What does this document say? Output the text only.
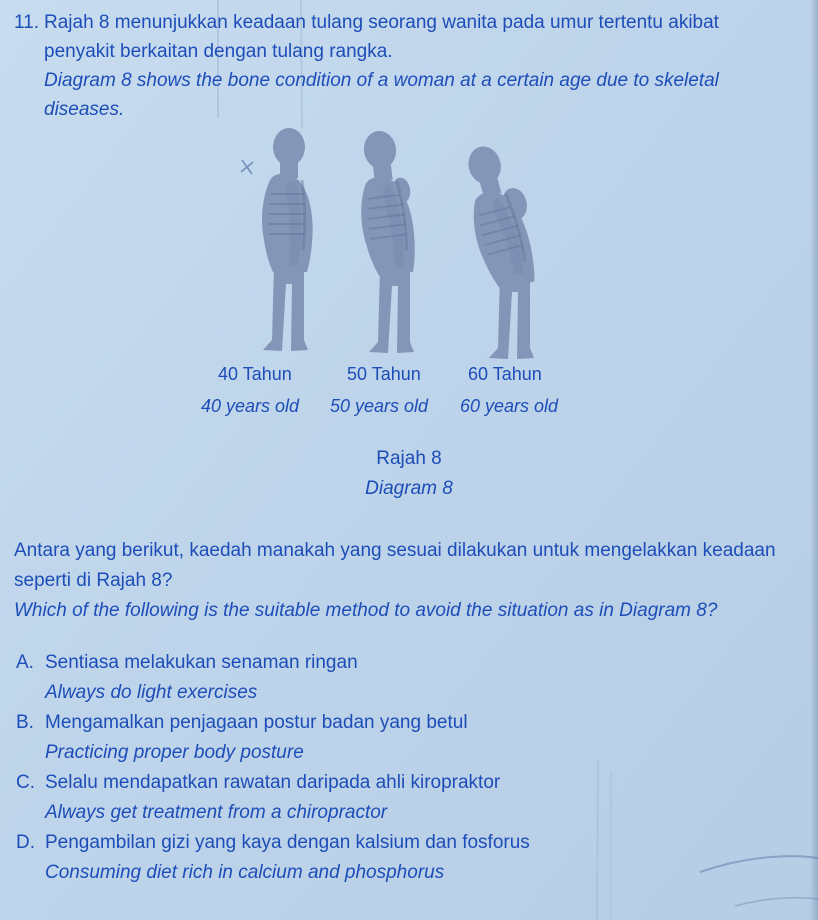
11. Rajah 8 menunjukkan keadaan tulang seorang wanita pada umur tertentu akibat penyakit berkaitan dengan tulang rangka.

Diagram 8 shows the bone condition of a woman at a certain age due to skeletal diseases.

40 Tahun	50 Tahun	60 Tahun
40 years old 50 years old 60 years old
Rajah 8
Diagram 8

Antara yang berikut, kaedah manakah yang sesuai dilakukan untuk mengelakkan keadaan seperti di Rajah 8?

Which of the following is the suitable method to avoid the situation as in Diagram 8?

A. Sentiasa melakukan senaman ringan
Always do light exercises
B. Mengamalkan penjagaan postur badan yang betul
Practicing proper body posture
C. Selalu mendapatkan rawatan daripada ahli kiropraktor
Always get treatment from a chiropractor
D. Pengambilan gizi yang kaya dengan kalsium dan fosforus
Consuming diet rich in calcium and phosphorus
